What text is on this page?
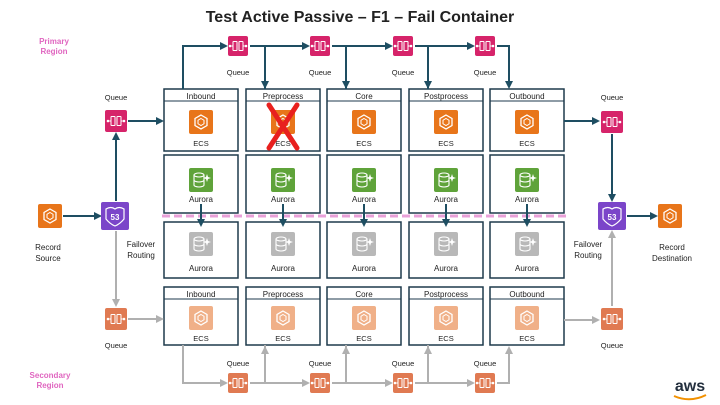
Test Active Passive – F1 – Fail Container
Primary
Region
Secondary
Region
Queue	Queue	Queue	Queue
Queue	Queue	Queue	Queue
Inbound
ECS
Aurora
Aurora
Inbound
ECS
Preprocess
ECS
Aurora
Aurora
Preprocess
ECS
Core
ECS
Aurora
Aurora
Core
ECS
Postprocess
ECS
Aurora
Aurora
Postprocess
ECS
Outbound
ECS
Aurora
Aurora
Outbound
ECS
Record
Source
53
Failover
Routing
Queue
Queue
Queue
Queue
53
Failover
Routing
Record
Destination
aws
